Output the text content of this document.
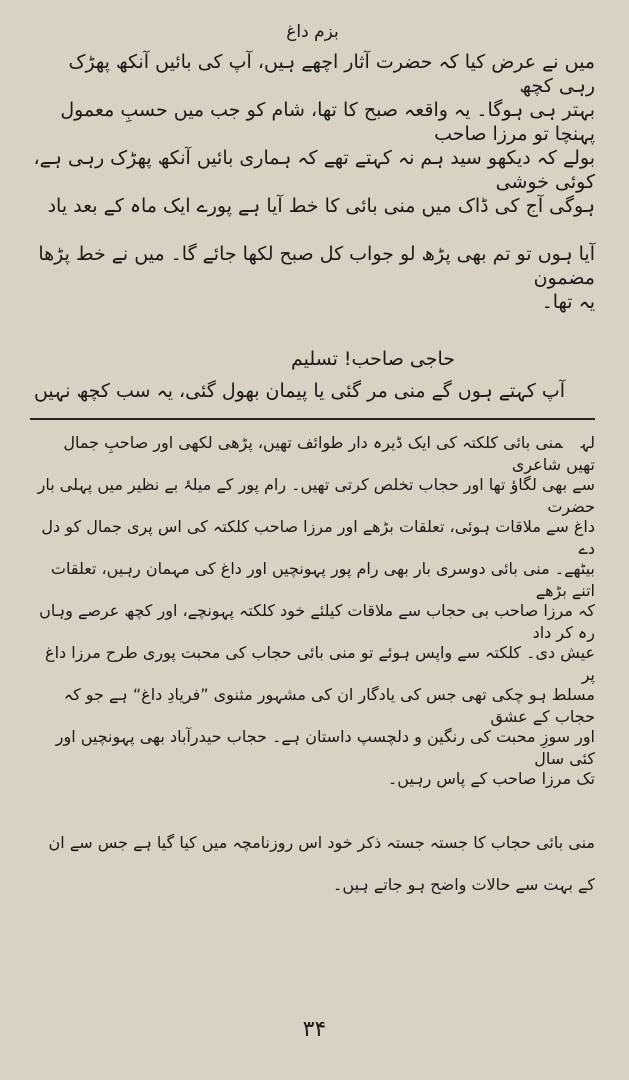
بزم داغ

میں نے عرض کیا کہ حضرت آثار اچھے ہیں، آپ کی بائیں آنکھ پھڑک رہی کچھ

بہتر ہی ہوگا۔ یہ واقعہ صبح کا تھا، شام کو جب میں حسبِ معمول پہنچا تو مرزا صاحب

بولے کہ دیکھو سید ہم نہ کہتے تھے کہ ہماری بائیں آنکھ پھڑک رہی ہے، کوئی خوشی

ہوگی آج کی ڈاک میں منی بائی کا خط آیا ہے پورے ایک ماہ کے بعد یاد

آیا ہوں تو تم بھی پڑھ لو جواب کل صبح لکھا جائے گا۔ میں نے خط پڑھا مضمون

یہ تھا۔

حاجی صاحب! تسلیم
آپ کہتے ہوں گے منی مر گئی یا پیمان بھول گئی، یہ سب کچھ نہیں

لہمنی بائی کلکتہ کی ایک ڈیرہ دار طوائف تھیں، پڑھی لکھی اور صاحبِ جمال تھیں شاعری

سے بھی لگاؤ تھا اور حجاب تخلص کرتی تھیں۔ رام پور کے میلۂ بے نظیر میں پہلی بار حضرت

داغ سے ملاقات ہوئی، تعلقات بڑھے اور مرزا صاحب کلکتہ کی اس پری جمال کو دل دے

بیٹھے۔ منی بائی دوسری بار بھی رام پور پہونچیں اور داغ کی مہمان رہیں، تعلقات اتنے بڑھے

کہ مرزا صاحب بی حجاب سے ملاقات کیلئے خود کلکتہ پہونچے، اور کچھ عرصے وہاں رہ کر داد

عیش دی۔ کلکتہ سے واپس ہوئے تو منی بائی حجاب کی محبت پوری طرح مرزا داغ پر

مسلط ہو چکی تھی جس کی یادگار ان کی مشہور مثنوی ”فریادِ داغ“ ہے جو کہ حجاب کے عشق

اور سوزِ محبت کی رنگین و دلچسپ داستان ہے۔ حجاب حیدرآباد بھی پہونچیں اور کئی سال

تک مرزا صاحب کے پاس رہیں۔

منی بائی حجاب کا جستہ جستہ ذکر خود اس روزنامچہ میں کیا گیا ہے جس سے ان

کے بہت سے حالات واضح ہو جاتے ہیں۔

۳۴
